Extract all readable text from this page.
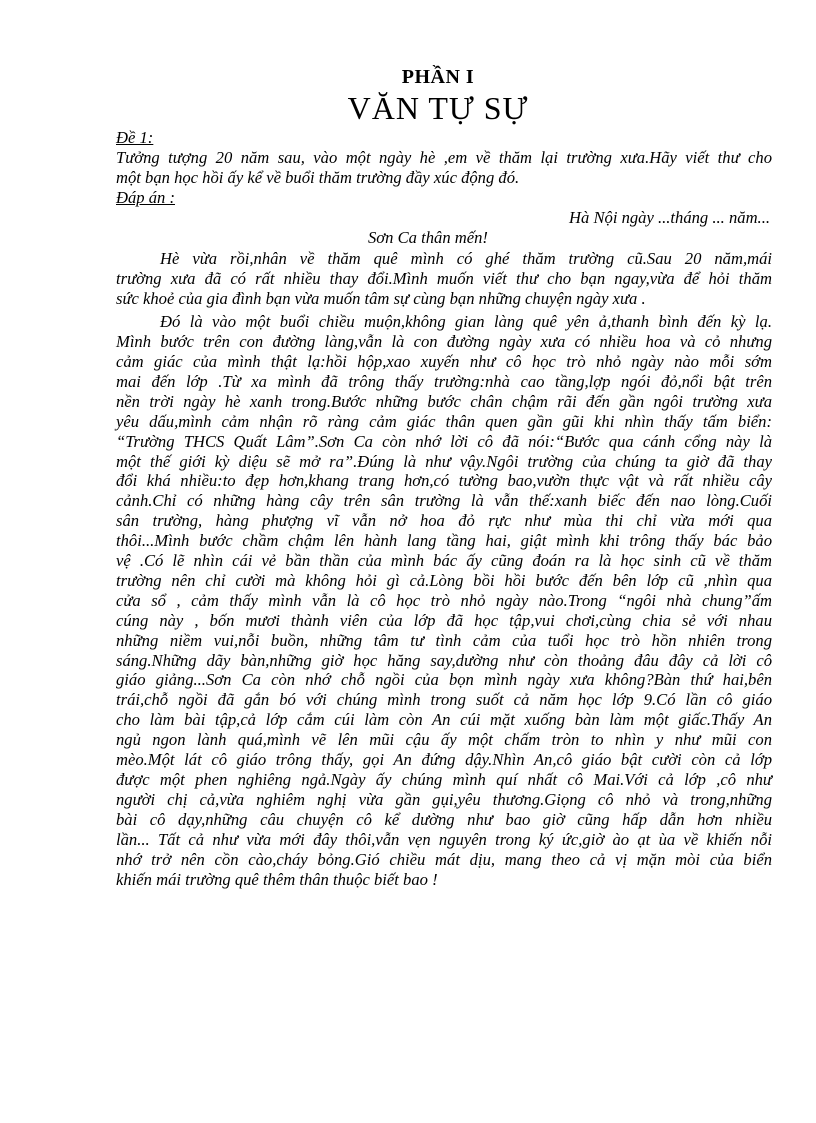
PHẦN I
VĂN TỰ SỰ

Đề 1:

Tưởng tượng 20 năm sau, vào một ngày hè ,em về thăm lại trường xưa.Hãy viết thư cho
một bạn học hồi ấy kể về buổi thăm trường đầy xúc động đó.

Đáp án :

Hà Nội ngày ...tháng ... năm...

Sơn Ca thân mến!

Hè vừa rồi,nhân về thăm quê mình có ghé thăm trường cũ.Sau 20 năm,mái
trường xưa đã có rất nhiều thay đổi.Mình muốn viết thư cho bạn ngay,vừa để hỏi thăm
sức khoẻ của gia đình bạn vừa muốn tâm sự cùng bạn những chuyện ngày xưa .
Đó là vào một buổi chiều muộn,không gian làng quê yên ả,thanh bình đến kỳ lạ.
Mình bước trên con đường làng,vẫn là con đường ngày xưa có nhiều hoa và cỏ nhưng
cảm giác của mình thật lạ:hồi hộp,xao xuyến như cô học trò nhỏ ngày nào mỗi sớm
mai đến lớp .Từ xa mình đã trông thấy trường:nhà cao tầng,lợp ngói đỏ,nổi bật trên
nền trời ngày hè xanh trong.Bước những bước chân chậm rãi đến gần ngôi trường xưa
yêu dấu,mình cảm nhận rõ ràng cảm giác thân quen gần gũi khi nhìn thấy tấm biển:
“Trường THCS Quất Lâm”.Sơn Ca còn nhớ lời cô đã nói:“Bước qua cánh cổng này là
một thế giới kỳ diệu sẽ mở ra”.Đúng là như vậy.Ngôi trường của chúng ta giờ đã thay
đổi khá nhiều:to đẹp hơn,khang trang hơn,có tường bao,vườn thực vật và rất nhiều cây
cảnh.Chỉ có những hàng cây trên sân trường là vẫn thế:xanh biếc đến nao lòng.Cuối
sân trường, hàng phượng vĩ vẫn nở hoa đỏ rực như mùa thi chỉ vừa mới qua
thôi...Mình bước chầm chậm lên hành lang tầng hai, giật mình khi trông thấy bác bảo
vệ .Có lẽ nhìn cái vẻ bần thần của mình bác ấy cũng đoán ra là học sinh cũ về thăm
trường nên chỉ cười mà không hỏi gì cả.Lòng bồi hồi bước đến bên lớp cũ ,nhìn qua
cửa sổ , cảm thấy mình vẫn là cô học trò nhỏ ngày nào.Trong “ngôi nhà chung”ấm
cúng này , bốn mươi thành viên của lớp đã học tập,vui chơi,cùng chia sẻ với nhau
những niềm vui,nỗi buồn, những tâm tư tình cảm của tuổi học trò hồn nhiên trong
sáng.Những dãy bàn,những giờ học hăng say,dường như còn thoảng đâu đây cả lời cô
giáo giảng...Sơn Ca còn nhớ chỗ ngồi của bọn mình ngày xưa không?Bàn thứ hai,bên
trái,chỗ ngồi đã gắn bó với chúng mình trong suốt cả năm học lớp 9.Có lần cô giáo
cho làm bài tập,cả lớp cắm cúi làm còn An cúi mặt xuống bàn làm một giấc.Thấy An
ngủ ngon lành quá,mình vẽ lên mũi cậu ấy một chấm tròn to nhìn y như mũi con
mèo.Một lát cô giáo trông thấy, gọi An đứng dậy.Nhìn An,cô giáo bật cười còn cả lớp
được một phen nghiêng ngả.Ngày ấy chúng mình quí nhất cô Mai.Với cả lớp ,cô như
người chị cả,vừa nghiêm nghị vừa gần gụi,yêu thương.Giọng cô nhỏ và trong,những
bài cô dạy,những câu chuyện cô kể dường như bao giờ cũng hấp dẫn hơn nhiều
lần... Tất cả như vừa mới đây thôi,vẫn vẹn nguyên trong ký ức,giờ ào ạt ùa về khiến nỗi
nhớ trở nên cồn cào,cháy bỏng.Gió chiều mát dịu, mang theo cả vị mặn mòi của biển
khiến mái trường quê thêm thân thuộc biết bao !
